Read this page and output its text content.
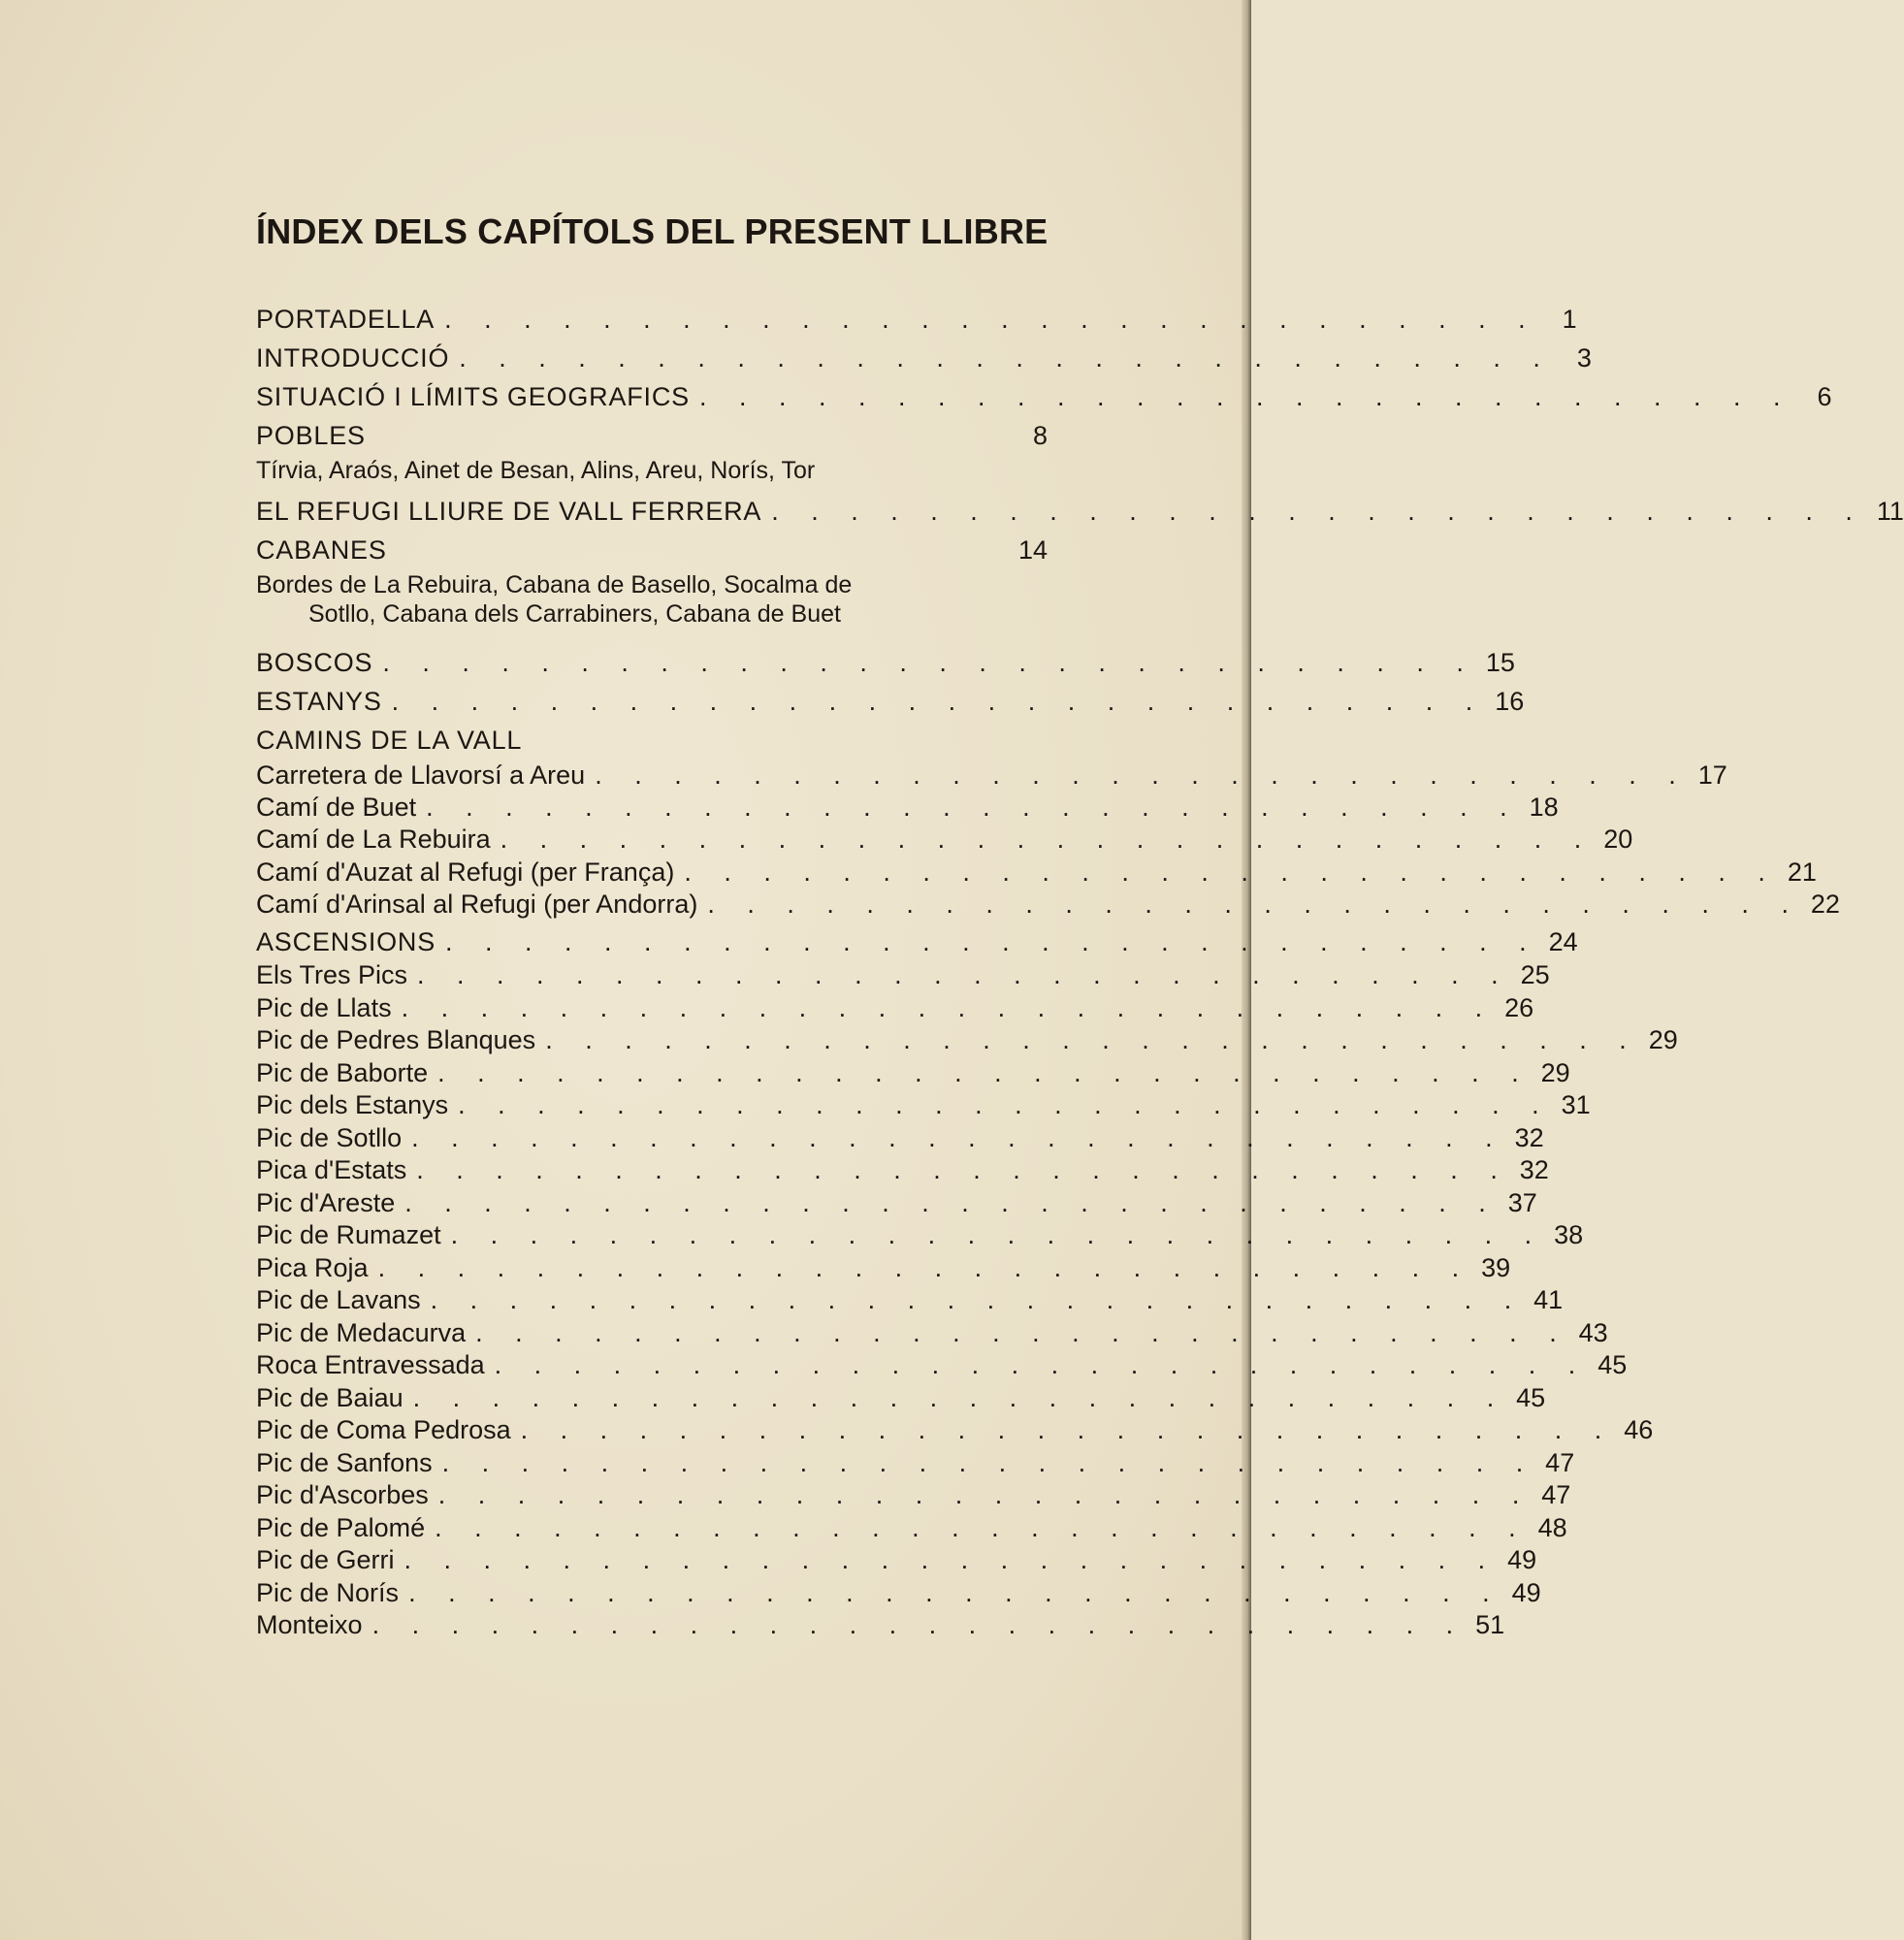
ÍNDEX DELS CAPÍTOLS DEL PRESENT LLIBRE
PORTADELLA . . . . . . . . . . . . . . . . . . . . . . . . . . . . 1
INTRODUCCIÓ . . . . . . . . . . . . . . . . . . . . . . . . . . . . 3
SITUACIÓ I LÍMITS GEOGRAFICS . . . . . . . . . . . . . . . . . . . . . . . . . . . . 6
POBLES	8
Tírvia, Araós, Ainet de Besan, Alins, Areu, Norís, Tor
EL REFUGI LLIURE DE VALL FERRERA . . . . . . . . . . . . . . . . . . . . . . . . . . . . 11
CABANES	14
Bordes de La Rebuira, Cabana de Basello, Socalma de
Sotllo, Cabana dels Carrabiners, Cabana de Buet
BOSCOS . . . . . . . . . . . . . . . . . . . . . . . . . . . . 15
ESTANYS . . . . . . . . . . . . . . . . . . . . . . . . . . . . 16
CAMINS DE LA VALL
Carretera de Llavorsí a Areu . . . . . . . . . . . . . . . . . . . . . . . . . . . . 17
Camí de Buet . . . . . . . . . . . . . . . . . . . . . . . . . . . . 18
Camí de La Rebuira . . . . . . . . . . . . . . . . . . . . . . . . . . . . 20
Camí d'Auzat al Refugi (per França) . . . . . . . . . . . . . . . . . . . . . . . . . . . . 21
Camí d'Arinsal al Refugi (per Andorra) . . . . . . . . . . . . . . . . . . . . . . . . . . . . 22
ASCENSIONS . . . . . . . . . . . . . . . . . . . . . . . . . . . . 24
Els Tres Pics . . . . . . . . . . . . . . . . . . . . . . . . . . . . 25
Pic de Llats . . . . . . . . . . . . . . . . . . . . . . . . . . . . 26
Pic de Pedres Blanques . . . . . . . . . . . . . . . . . . . . . . . . . . . . 29
Pic de Baborte . . . . . . . . . . . . . . . . . . . . . . . . . . . . 29
Pic dels Estanys . . . . . . . . . . . . . . . . . . . . . . . . . . . . 31
Pic de Sotllo . . . . . . . . . . . . . . . . . . . . . . . . . . . . 32
Pica d'Estats . . . . . . . . . . . . . . . . . . . . . . . . . . . . 32
Pic d'Areste . . . . . . . . . . . . . . . . . . . . . . . . . . . . 37
Pic de Rumazet . . . . . . . . . . . . . . . . . . . . . . . . . . . . 38
Pica Roja . . . . . . . . . . . . . . . . . . . . . . . . . . . . 39
Pic de Lavans . . . . . . . . . . . . . . . . . . . . . . . . . . . . 41
Pic de Medacurva . . . . . . . . . . . . . . . . . . . . . . . . . . . . 43
Roca Entravessada . . . . . . . . . . . . . . . . . . . . . . . . . . . . 45
Pic de Baiau . . . . . . . . . . . . . . . . . . . . . . . . . . . . 45
Pic de Coma Pedrosa . . . . . . . . . . . . . . . . . . . . . . . . . . . . 46
Pic de Sanfons . . . . . . . . . . . . . . . . . . . . . . . . . . . . 47
Pic d'Ascorbes . . . . . . . . . . . . . . . . . . . . . . . . . . . . 47
Pic de Palomé . . . . . . . . . . . . . . . . . . . . . . . . . . . . 48
Pic de Gerri . . . . . . . . . . . . . . . . . . . . . . . . . . . . 49
Pic de Norís . . . . . . . . . . . . . . . . . . . . . . . . . . . . 49
Monteixo . . . . . . . . . . . . . . . . . . . . . . . . . . . . 51
